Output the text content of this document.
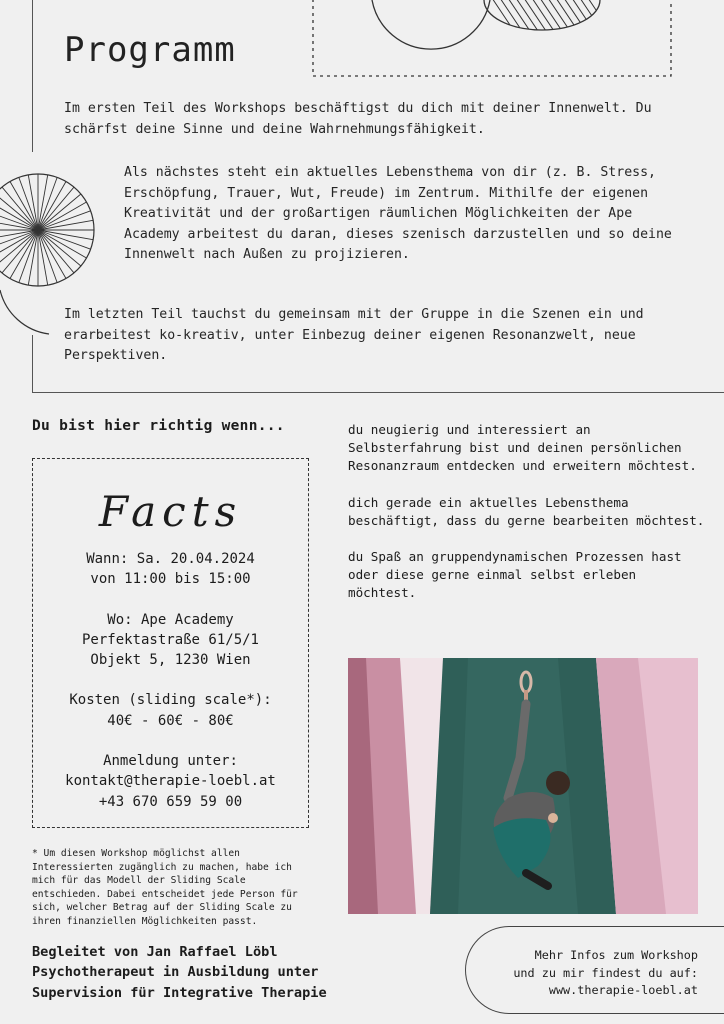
Programm
Im ersten Teil des Workshops beschäftigst du dich mit deiner Innenwelt. Du schärfst deine Sinne und deine Wahrnehmungsfähigkeit.
Als nächstes steht ein aktuelles Lebensthema von dir (z. B. Stress, Erschöpfung, Trauer, Wut, Freude) im Zentrum. Mithilfe der eigenen Kreativität und der großartigen räumlichen Möglichkeiten der Ape Academy arbeitest du daran, dieses szenisch darzustellen und so deine Innenwelt nach Außen zu projizieren.
Im letzten Teil tauchst du gemeinsam mit der Gruppe in die Szenen ein und erarbeitest ko-kreativ, unter Einbezug deiner eigenen Resonanzwelt, neue Perspektiven.
Du bist hier richtig wenn...	du neugierig und interessiert an Selbsterfahrung bist und deinen persönlichen Resonanzraum entdecken und erweitern möchtest.

dich gerade ein aktuelles Lebensthema beschäftigt, dass du gerne bearbeiten möchtest.

du Spaß an gruppendynamischen Prozessen hast oder diese gerne einmal selbst erleben möchtest.

Facts
Wann: Sa. 20.04.2024
von 11:00 bis 15:00
Wo: Ape Academy
Perfektastraße 61/5/1
Objekt 5, 1230 Wien
Kosten (sliding scale*):
40€ - 60€ - 80€
Anmeldung unter:
kontakt@therapie-loebl.at
+43 670 659 59 00
* Um diesen Workshop möglichst allen Interessierten zugänglich zu machen, habe ich mich für das Modell der Sliding Scale entschieden. Dabei entscheidet jede Person für sich, welcher Betrag auf der Sliding Scale zu ihren finanziellen Möglichkeiten passt.
Begleitet von Jan Raffael Löbl
Psychotherapeut in Ausbildung unter
Supervision für Integrative Therapie
Mehr Infos zum Workshop
und zu mir findest du auf:
www.therapie-loebl.at
